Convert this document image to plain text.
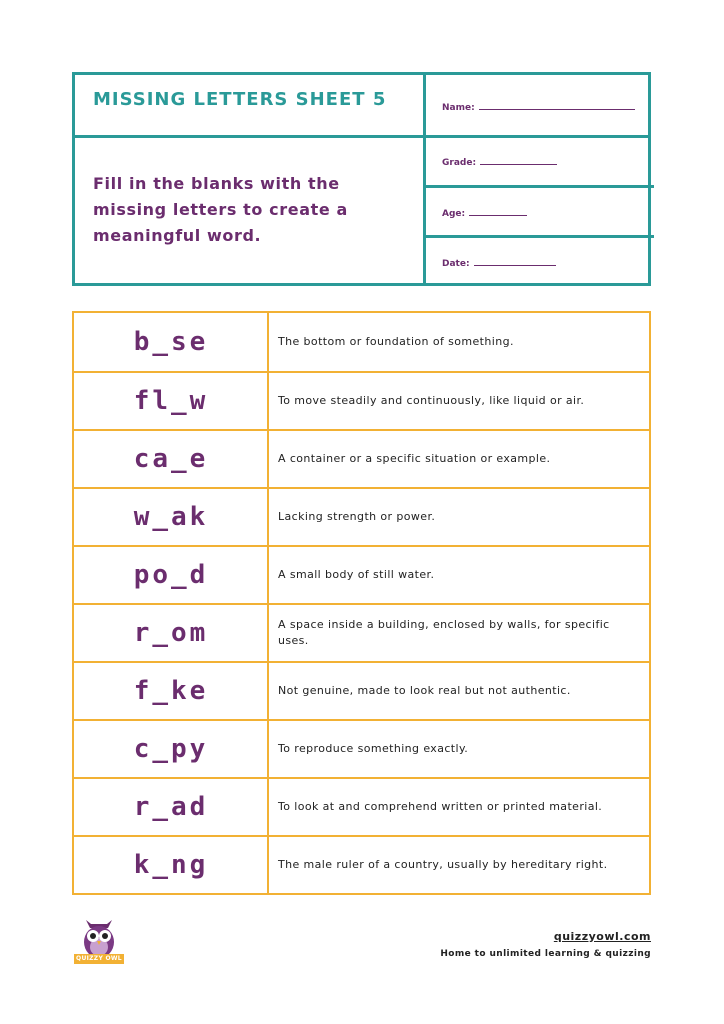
MISSING LETTERS SHEET 5
Fill in the blanks with the missing letters to create a meaningful word.
Name:
Grade:
Age:
Date:
b_se	The bottom or foundation of something.
fl_w	To move steadily and continuously, like liquid or air.
ca_e	A container or a specific situation or example.
w_ak	Lacking strength or power.
po_d	A small body of still water.
r_om	A space inside a building, enclosed by walls, for specific uses.
f_ke	Not genuine, made to look real but not authentic.
c_py	To reproduce something exactly.
r_ad	To look at and comprehend written or printed material.
k_ng	The male ruler of a country, usually by hereditary right.
QUIZZY OWL
quizzyowl.com
Home to unlimited learning & quizzing
